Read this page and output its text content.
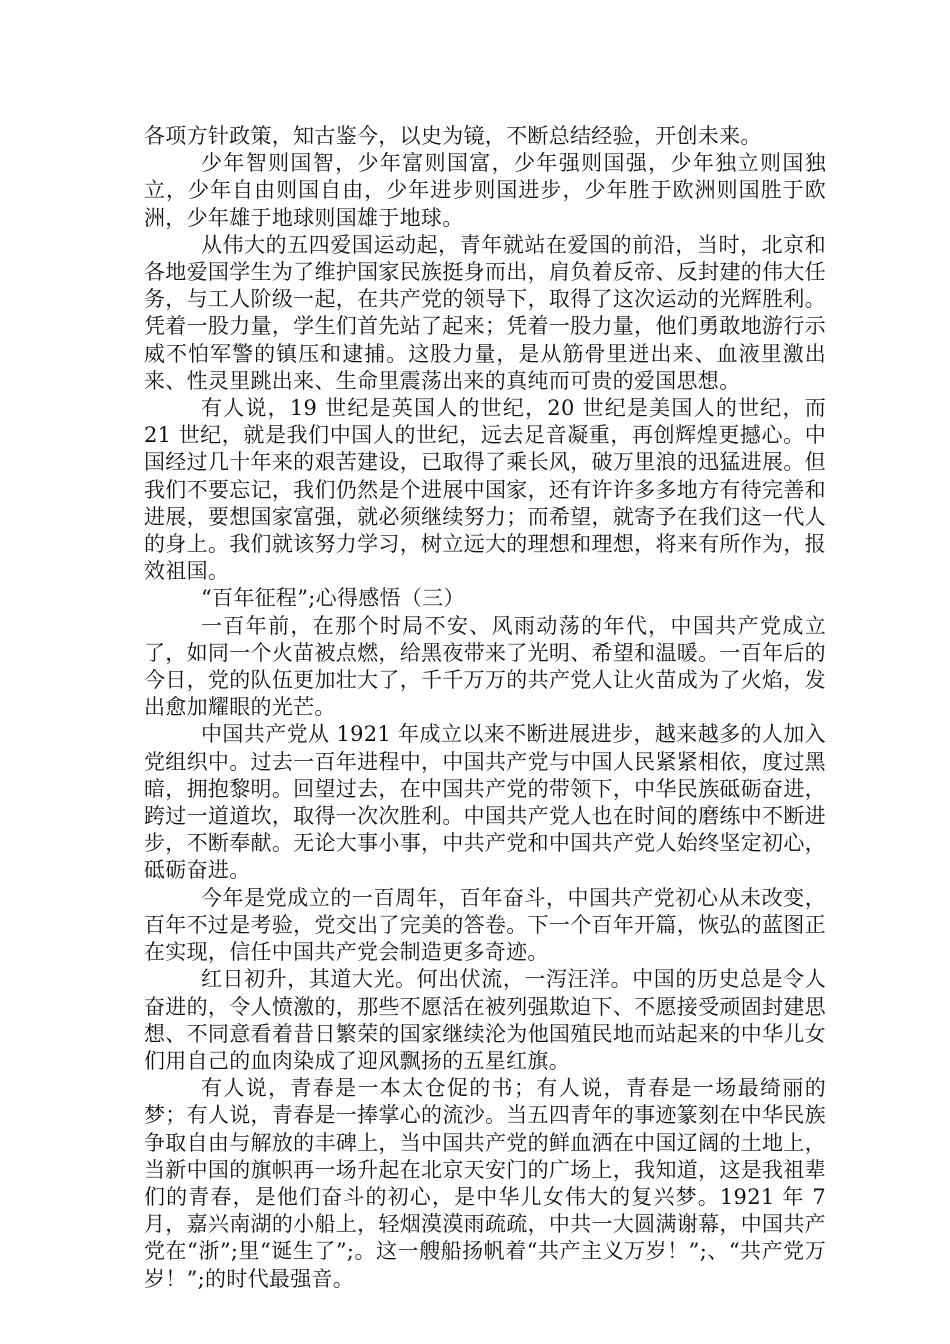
各项方针政策，知古鉴今，以史为镜，不断总结经验，开创未来。

少年智则国智，少年富则国富，少年强则国强，少年独立则国独立，少年自由则国自由，少年进步则国进步，少年胜于欧洲则国胜于欧洲，少年雄于地球则国雄于地球。

从伟大的五四爱国运动起，青年就站在爱国的前沿，当时，北京和各地爱国学生为了维护国家民族挺身而出，肩负着反帝、反封建的伟大任务，与工人阶级一起，在共产党的领导下，取得了这次运动的光辉胜利。凭着一股力量，学生们首先站了起来；凭着一股力量，他们勇敢地游行示威不怕军警的镇压和逮捕。这股力量，是从筋骨里迸出来、血液里激出来、性灵里跳出来、生命里震荡出来的真纯而可贵的爱国思想。

有人说，19 世纪是英国人的世纪，20 世纪是美国人的世纪，而 21 世纪，就是我们中国人的世纪，远去足音凝重，再创辉煌更撼心。中国经过几十年来的艰苦建设，已取得了乘长风，破万里浪的迅猛进展。但我们不要忘记，我们仍然是个进展中国家，还有许许多多地方有待完善和进展，要想国家富强，就必须继续努力；而希望，就寄予在我们这一代人的身上。我们就该努力学习，树立远大的理想和理想，将来有所作为，报效祖国。

“百年征程”;心得感悟（三）

一百年前，在那个时局不安、风雨动荡的年代，中国共产党成立了，如同一个火苗被点燃，给黑夜带来了光明、希望和温暖。一百年后的今日，党的队伍更加壮大了，千千万万的共产党人让火苗成为了火焰，发出愈加耀眼的光芒。

中国共产党从 1921 年成立以来不断进展进步，越来越多的人加入党组织中。过去一百年进程中，中国共产党与中国人民紧紧相依，度过黑暗，拥抱黎明。回望过去，在中国共产党的带领下，中华民族砥砺奋进，跨过一道道坎，取得一次次胜利。中国共产党人也在时间的磨练中不断进步，不断奉献。无论大事小事，中共产党和中国共产党人始终坚定初心，砥砺奋进。

今年是党成立的一百周年，百年奋斗，中国共产党初心从未改变，百年不过是考验，党交出了完美的答卷。下一个百年开篇，恢弘的蓝图正在实现，信任中国共产党会制造更多奇迹。

红日初升，其道大光。何出伏流，一泻汪洋。中国的历史总是令人奋进的，令人愤激的，那些不愿活在被列强欺迫下、不愿接受顽固封建思想、不同意看着昔日繁荣的国家继续沦为他国殖民地而站起来的中华儿女们用自己的血肉染成了迎风飘扬的五星红旗。

有人说，青春是一本太仓促的书；有人说，青春是一场最绮丽的梦；有人说，青春是一捧掌心的流沙。当五四青年的事迹篆刻在中华民族争取自由与解放的丰碑上，当中国共产党的鲜血洒在中国辽阔的土地上，当新中国的旗帜再一场升起在北京天安门的广场上，我知道，这是我祖辈们的青春，是他们奋斗的初心，是中华儿女伟大的复兴梦。1921 年 7 月，嘉兴南湖的小船上，轻烟漠漠雨疏疏，中共一大圆满谢幕，中国共产党在“浙”;里“诞生了”;。这一艘船扬帆着“共产主义万岁！”;、“共产党万岁！”;的时代最强音。
